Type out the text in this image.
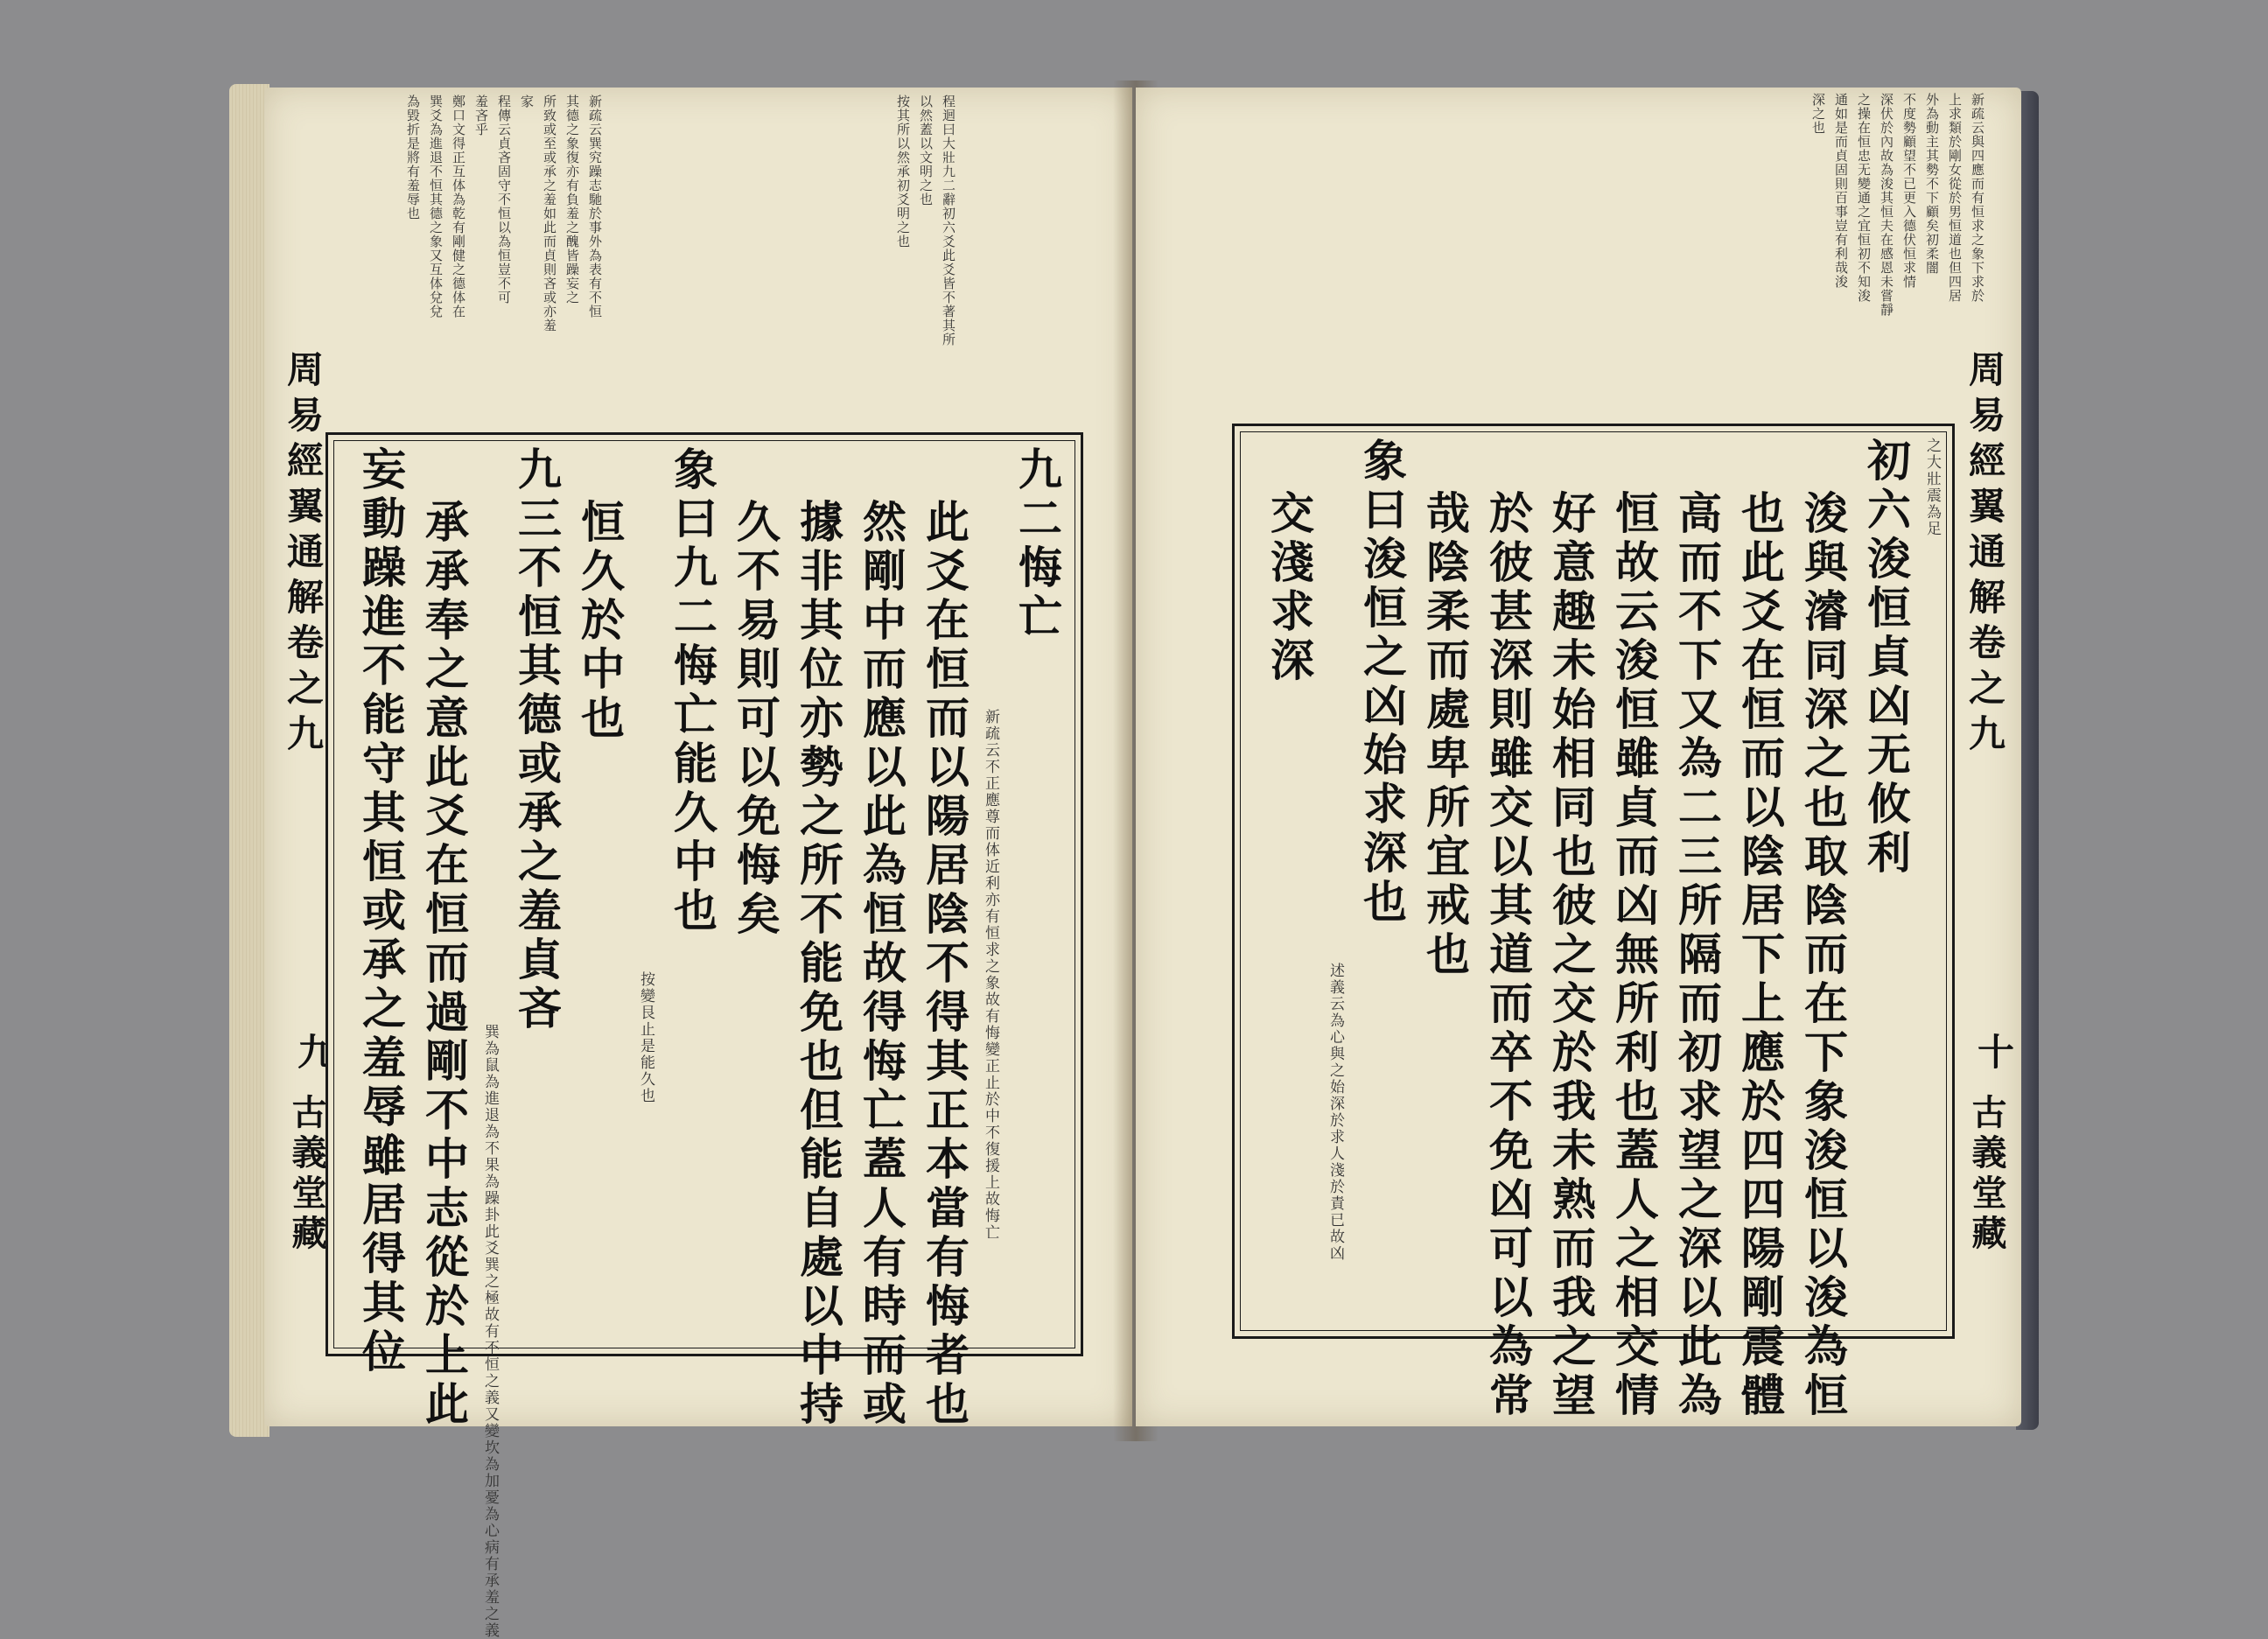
新疏云巽究躁志馳於事外為表有不恒
其德之象復亦有負羞之醜皆躁妄之
所致或至或承之羞如此而貞則吝或亦羞
家
程傳云貞吝固守不恒以為恒豈不可
羞吝乎
鄭口文得正互体為乾有剛健之德体在
巽爻為進退不恒其德之象又互体兌兌
為毀折是將有羞辱也	程迴曰大壯九二辭初六爻此爻皆不著其所
以然蓋以文明之也
按其所以然承初爻明之也
周易經翼通解卷之九
九
古義堂藏
九二悔亡
新疏云不正應尊而体近利亦有恒求之象故有悔變正止於中不復援上故悔亡
此爻在恒而以陽居陰不得其正本當有悔者也
然剛中而應以此為恒故得悔亡蓋人有時而或
據非其位亦勢之所不能免也但能自處以中持
久不易則可以免悔矣
象曰九二悔亡能久中也
按變艮止是能久也
恒久於中也
九三不恒其德或承之羞貞吝
巽為鼠為進退為不果為躁卦此爻巽之極故有不恒之義又變坎為加憂為心病有承羞之義
承承奉之意此爻在恒而過剛不中志從於上此
妄動躁進不能守其恒或承之羞辱雖居得其位
新疏云與四應而有恒求之象下求於
上求類於剛女從於男恒道也但四居
外為動主其勢不下顧矣初柔闇
不度勢顧望不已更入德伏恒求情
深伏於內故為浚其恒夫在感恩未嘗靜
之操在恒忠无變通之宜恒初不知浚
通如是而貞固則百事豈有利哉浚
深之也
周易經翼通解卷之九
十
古義堂藏
之大壯震為足
初六浚恒貞凶无攸利
浚與濬同深之也取陰而在下象浚恒以浚為恒
也此爻在恒而以陰居下上應於四四陽剛震體
高而不下又為二三所隔而初求望之深以此為
恒故云浚恒雖貞而凶無所利也蓋人之相交情
好意趣未始相同也彼之交於我未熟而我之望
於彼甚深則雖交以其道而卒不免凶可以為常
哉陰柔而處卑所宜戒也
象曰浚恒之凶始求深也
述義云為心與之始深於求人淺於責已故凶
交淺求深
